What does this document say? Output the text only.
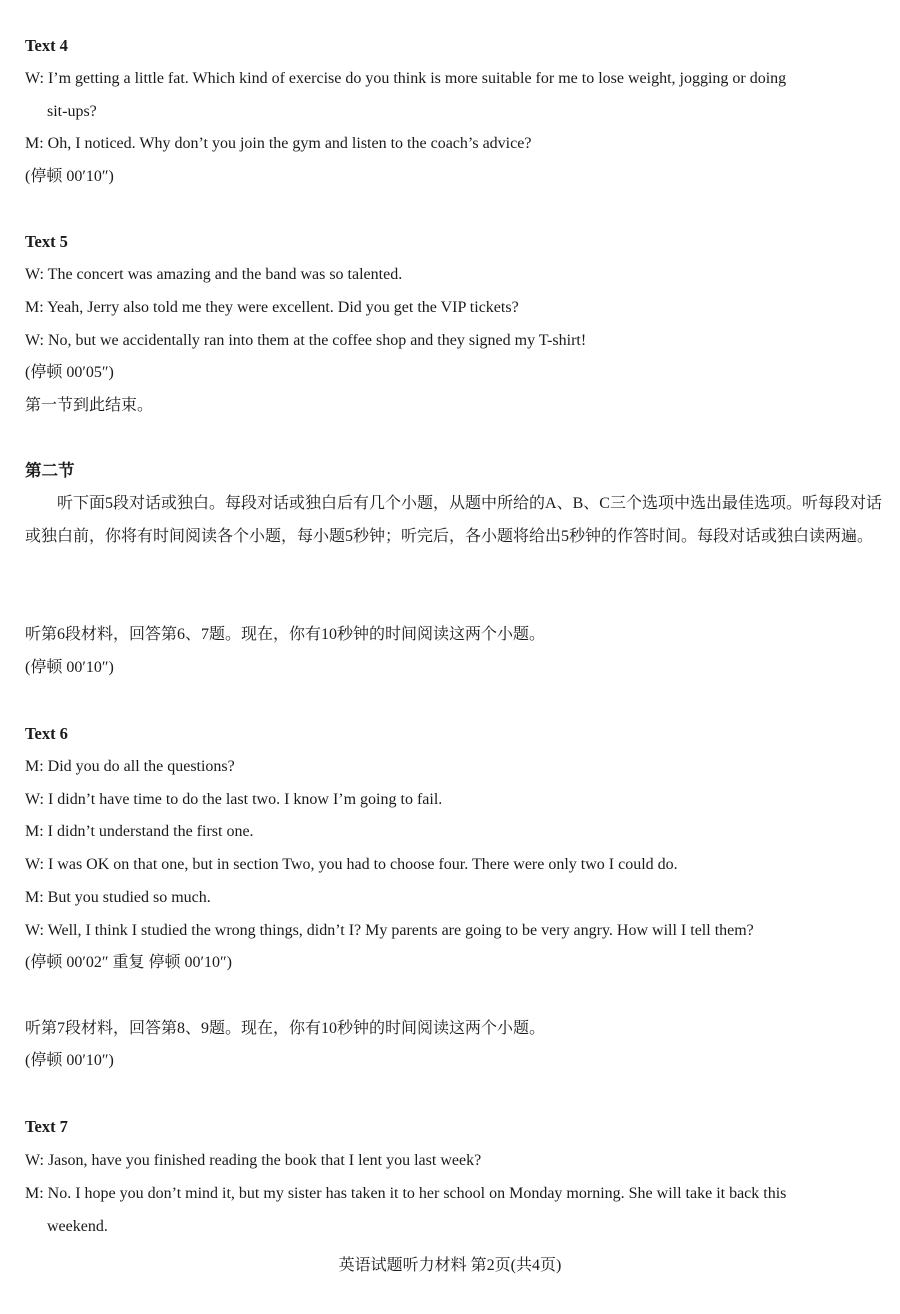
Text 4
W: I’m getting a little fat. Which kind of exercise do you think is more suitable for me to lose weight, jogging or doing
sit-ups?
M: Oh, I noticed. Why don’t you join the gym and listen to the coach’s advice?
(停顿 00′10″)
Text 5
W: The concert was amazing and the band was so talented.
M: Yeah, Jerry also told me they were excellent. Did you get the VIP tickets?
W: No, but we accidentally ran into them at the coffee shop and they signed my T-shirt!
(停顿 00′05″)
第一节到此结束。
第二节
听下面5段对话或独白。每段对话或独白后有几个小题，从题中所给的A、B、C三个选项中选出最佳选项。听每段对话或独白前，你将有时间阅读各个小题，每小题5秒钟；听完后，各小题将给出5秒钟的作答时间。每段对话或独白读两遍。
听第6段材料，回答第6、7题。现在，你有10秒钟的时间阅读这两个小题。
(停顿 00′10″)
Text 6
M: Did you do all the questions?
W: I didn’t have time to do the last two. I know I’m going to fail.
M: I didn’t understand the first one.
W: I was OK on that one, but in section Two, you had to choose four. There were only two I could do.
M: But you studied so much.
W: Well, I think I studied the wrong things, didn’t I? My parents are going to be very angry. How will I tell them?
(停顿 00′02″ 重复 停顿 00′10″)
听第7段材料，回答第8、9题。现在，你有10秒钟的时间阅读这两个小题。
(停顿 00′10″)
Text 7
W: Jason, have you finished reading the book that I lent you last week?
M: No. I hope you don’t mind it, but my sister has taken it to her school on Monday morning. She will take it back this
weekend.
英语试题听力材料 第2页(共4页)
